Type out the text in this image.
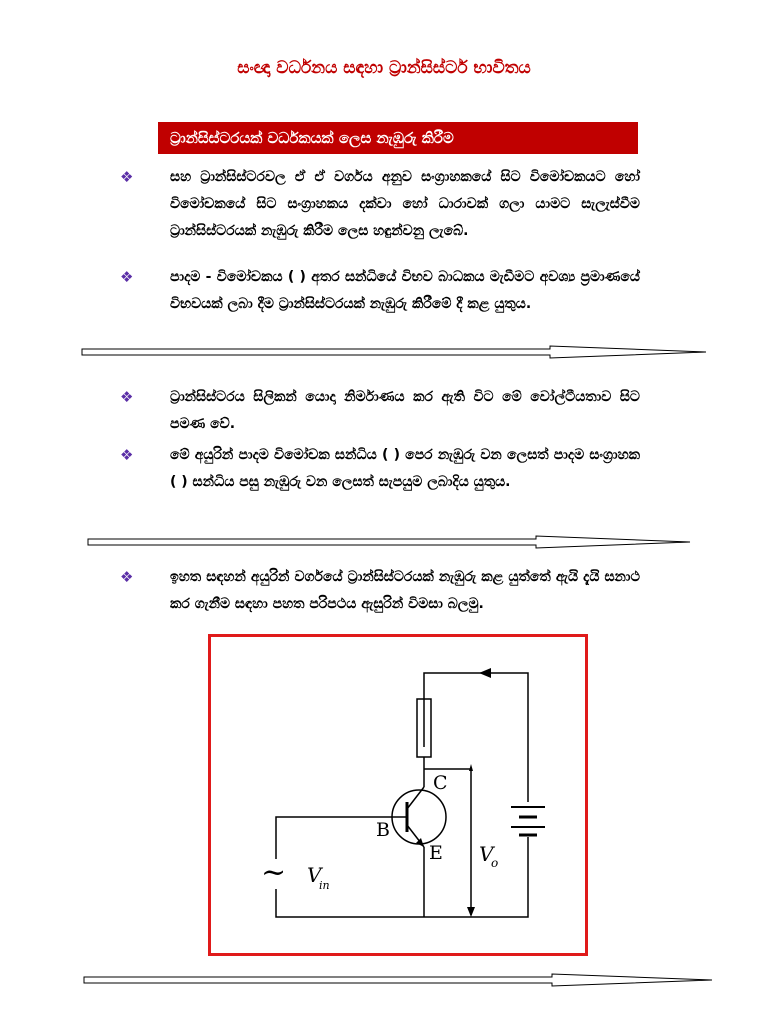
සංඥා වර්ධනය සඳහා ට්‍රාන්සිස්ටර් භාවිතය
ට්‍රාන්සිස්ටරයක් වර්ධකයක් ලෙස නැඹුරු කිරීම
❖	සහ ට්‍රාන්සිස්ටරවල ඒ ඒ වර්ගය අනුව සංග්‍රාහකයේ සිට විමෝචකයට හෝ විමෝචකයේ සිට සංග්‍රාහකය දක්වා හෝ ධාරාවක් ගලා යාමට සැලැස්වීම ට්‍රාන්සිස්ටරයක් නැඹුරු කිරීම ලෙස හඳුන්වනු ලැබේ.
❖	පාදම - විමෝචකය ( ) අතර සන්ධියේ විභව බාධකය මැඩීමට අවශ්‍ය ප්‍රමාණයේ විභවයක් ලබා දීම ට්‍රාන්සිස්ටරයක් නැඹුරු කිරීමේ දී කළ යුතුය.
❖	ට්‍රාන්සිස්ටරය සිලිකන් යොදා නිර්මාණය කර ඇති විට මේ වෝල්ටීයතාව සිට පමණ වේ.
❖	මේ අයුරින් පාදම විමෝචක සන්ධිය ( ) පෙර නැඹුරු වන ලෙසත් පාදම සංග්‍රාහක ( ) සන්ධිය පසු නැඹුරු වන ලෙසත් සැපයුම ලබාදිය යුතුය.
❖	ඉහත සඳහන් අයුරින් වර්ගයේ ට්‍රාන්සිස්ටරයක් නැඹුරු කළ යුත්තේ ඇයි දැයි සනාථ කර ගැනීම සඳහා පහත පරිපථය ඇසුරින් විමසා බලමු.
C
B
E V
o
~ V
in
